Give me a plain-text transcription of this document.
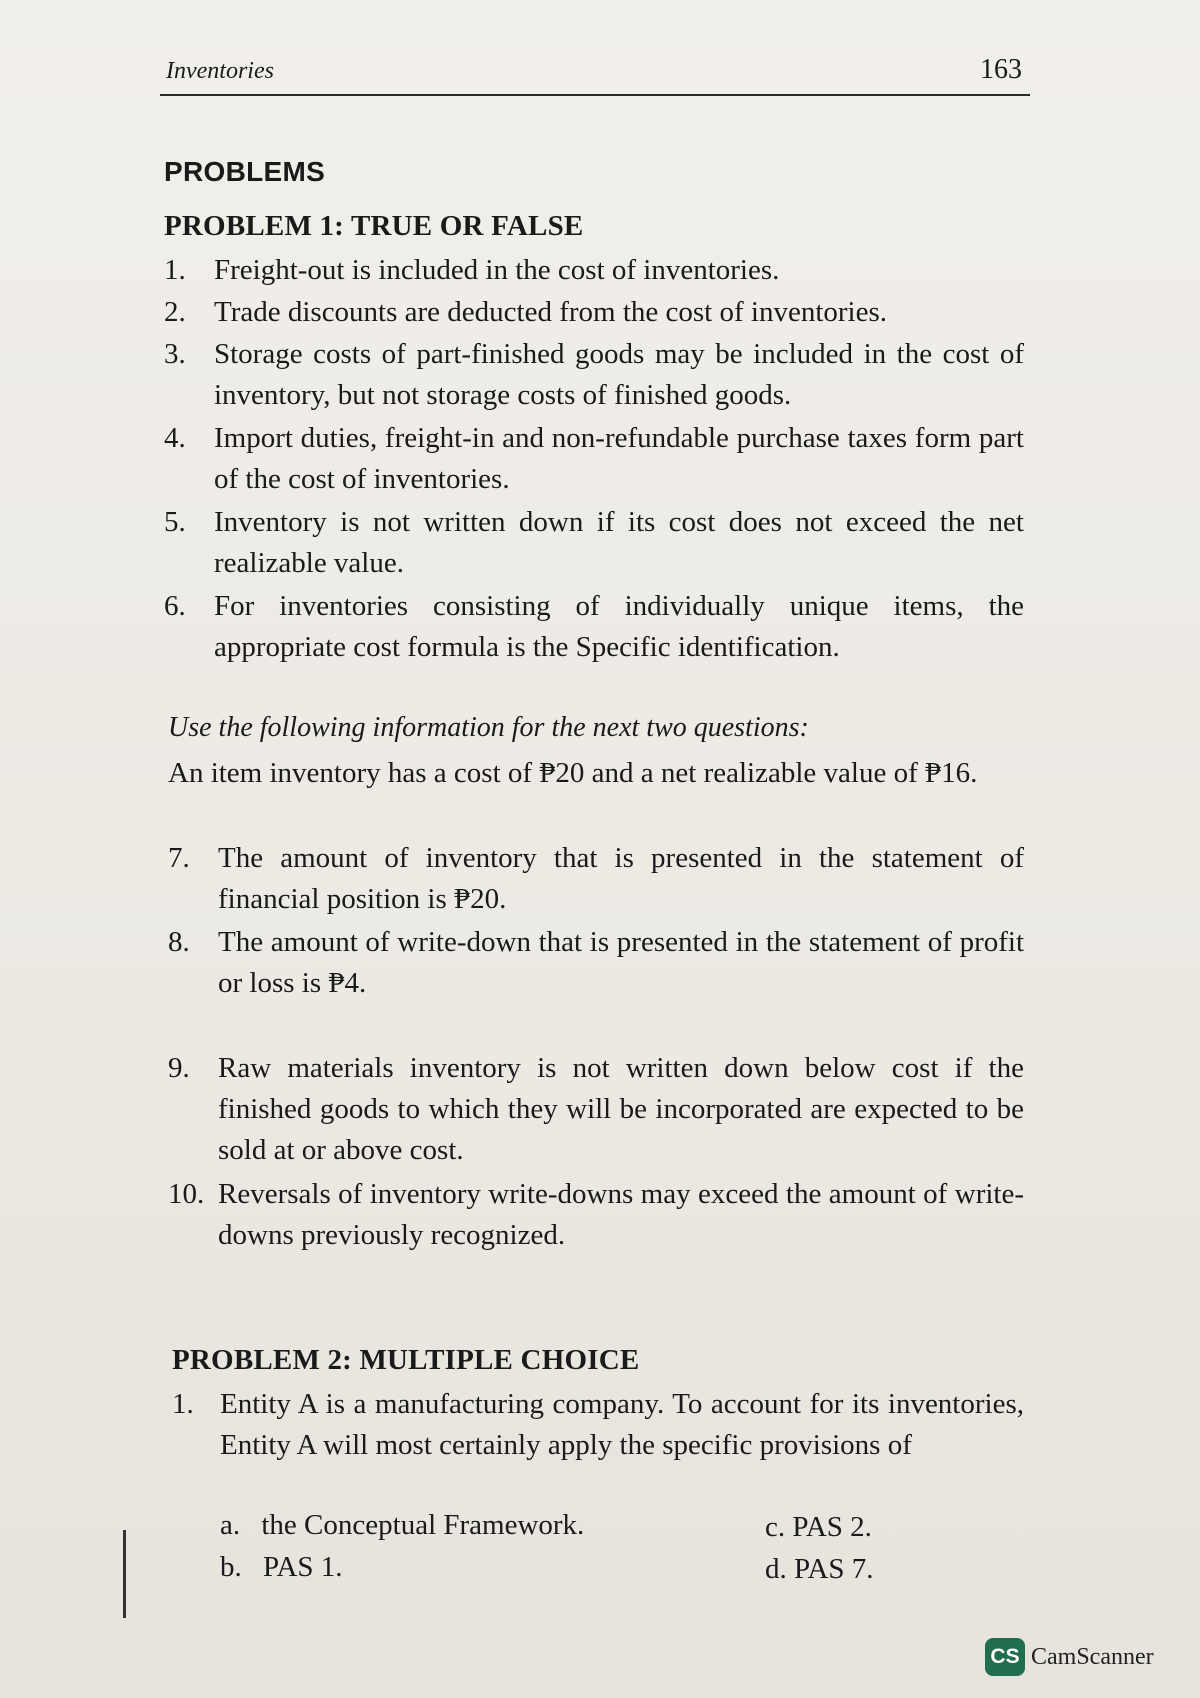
Inventories	163
PROBLEMS
PROBLEM 1: TRUE OR FALSE
1. Freight-out is included in the cost of inventories.
2. Trade discounts are deducted from the cost of inventories.
3. Storage costs of part-finished goods may be included in the cost of inventory, but not storage costs of finished goods.
4. Import duties, freight-in and non-refundable purchase taxes form part of the cost of inventories.
5. Inventory is not written down if its cost does not exceed the net realizable value.
6. For inventories consisting of individually unique items, the appropriate cost formula is the Specific identification.
Use the following information for the next two questions:
An item inventory has a cost of ₱20 and a net realizable value of ₱16.
7. The amount of inventory that is presented in the statement of financial position is ₱20.
8. The amount of write-down that is presented in the statement of profit or loss is ₱4.
9. Raw materials inventory is not written down below cost if the finished goods to which they will be incorporated are expected to be sold at or above cost.
10. Reversals of inventory write-downs may exceed the amount of write-downs previously recognized.
PROBLEM 2: MULTIPLE CHOICE
1. Entity A is a manufacturing company. To account for its inventories, Entity A will most certainly apply the specific provisions of
a. the Conceptual Framework.
b. PAS 1.
c. PAS 2.
d. PAS 7.
CS CamScanner
